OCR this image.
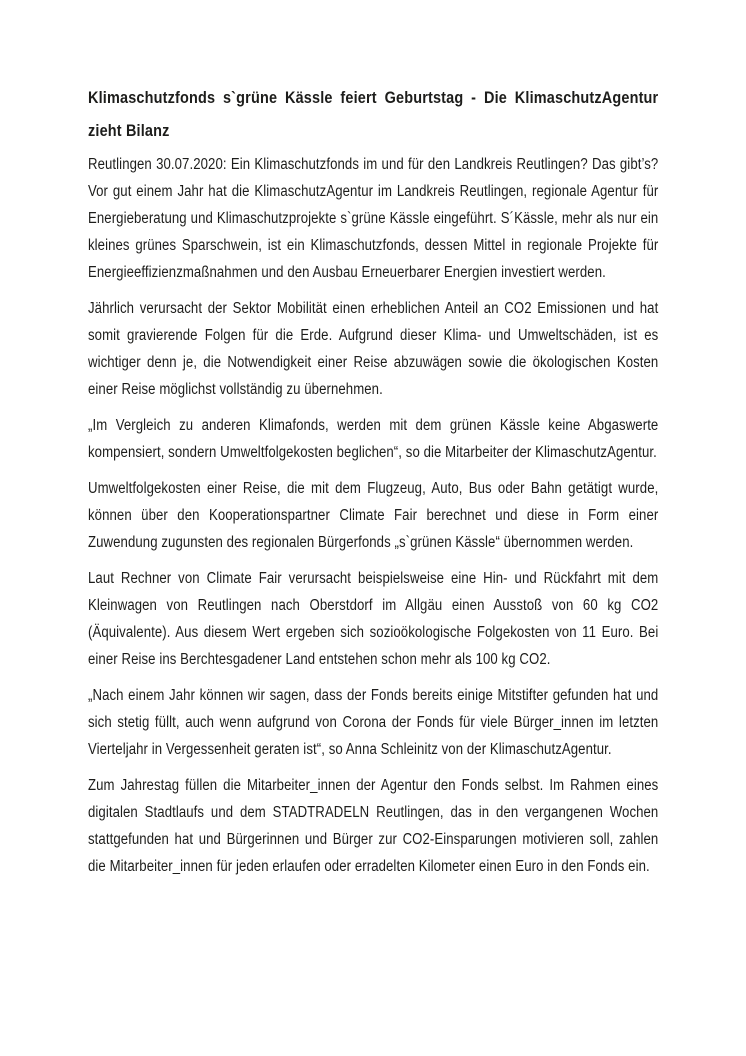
Klimaschutzfonds s`grüne Kässle feiert Geburtstag - Die KlimaschutzAgentur zieht Bilanz

Reutlingen 30.07.2020: Ein Klimaschutzfonds im und für den Landkreis Reutlingen? Das gibt’s? Vor gut einem Jahr hat die KlimaschutzAgentur im Landkreis Reutlingen, regionale Agentur für Energieberatung und Klimaschutzprojekte s`grüne Kässle eingeführt. S´Kässle, mehr als nur ein kleines grünes Sparschwein, ist ein Klimaschutzfonds, dessen Mittel in regionale Projekte für Energieeffizienzmaßnahmen und den Ausbau Erneuerbarer Energien investiert werden.

Jährlich verursacht der Sektor Mobilität einen erheblichen Anteil an CO2 Emissionen und hat somit gravierende Folgen für die Erde. Aufgrund dieser Klima- und Umweltschäden, ist es wichtiger denn je, die Notwendigkeit einer Reise abzuwägen sowie die ökologischen Kosten einer Reise möglichst vollständig zu übernehmen.

„Im Vergleich zu anderen Klimafonds, werden mit dem grünen Kässle keine Abgaswerte kompensiert, sondern Umweltfolgekosten beglichen“, so die Mitarbeiter der KlimaschutzAgentur.

Umweltfolgekosten einer Reise, die mit dem Flugzeug, Auto, Bus oder Bahn getätigt wurde, können über den Kooperationspartner Climate Fair berechnet und diese in Form einer Zuwendung zugunsten des regionalen Bürgerfonds „s`grünen Kässle“ übernommen werden.

Laut Rechner von Climate Fair verursacht beispielsweise eine Hin- und Rückfahrt mit dem Kleinwagen von Reutlingen nach Oberstdorf im Allgäu einen Ausstoß von 60 kg CO2 (Äquivalente). Aus diesem Wert ergeben sich sozioökologische Folgekosten von 11 Euro. Bei einer Reise ins Berchtesgadener Land entstehen schon mehr als 100 kg CO2.

„Nach einem Jahr können wir sagen, dass der Fonds bereits einige Mitstifter gefunden hat und sich stetig füllt, auch wenn aufgrund von Corona der Fonds für viele Bürger_innen im letzten Vierteljahr in Vergessenheit geraten ist“, so Anna Schleinitz von der KlimaschutzAgentur.

Zum Jahrestag füllen die Mitarbeiter_innen der Agentur den Fonds selbst. Im Rahmen eines digitalen Stadtlaufs und dem STADTRADELN Reutlingen, das in den vergangenen Wochen stattgefunden hat und Bürgerinnen und Bürger zur CO2-Einsparungen motivieren soll, zahlen die Mitarbeiter_innen für jeden erlaufen oder erradelten Kilometer einen Euro in den Fonds ein.
